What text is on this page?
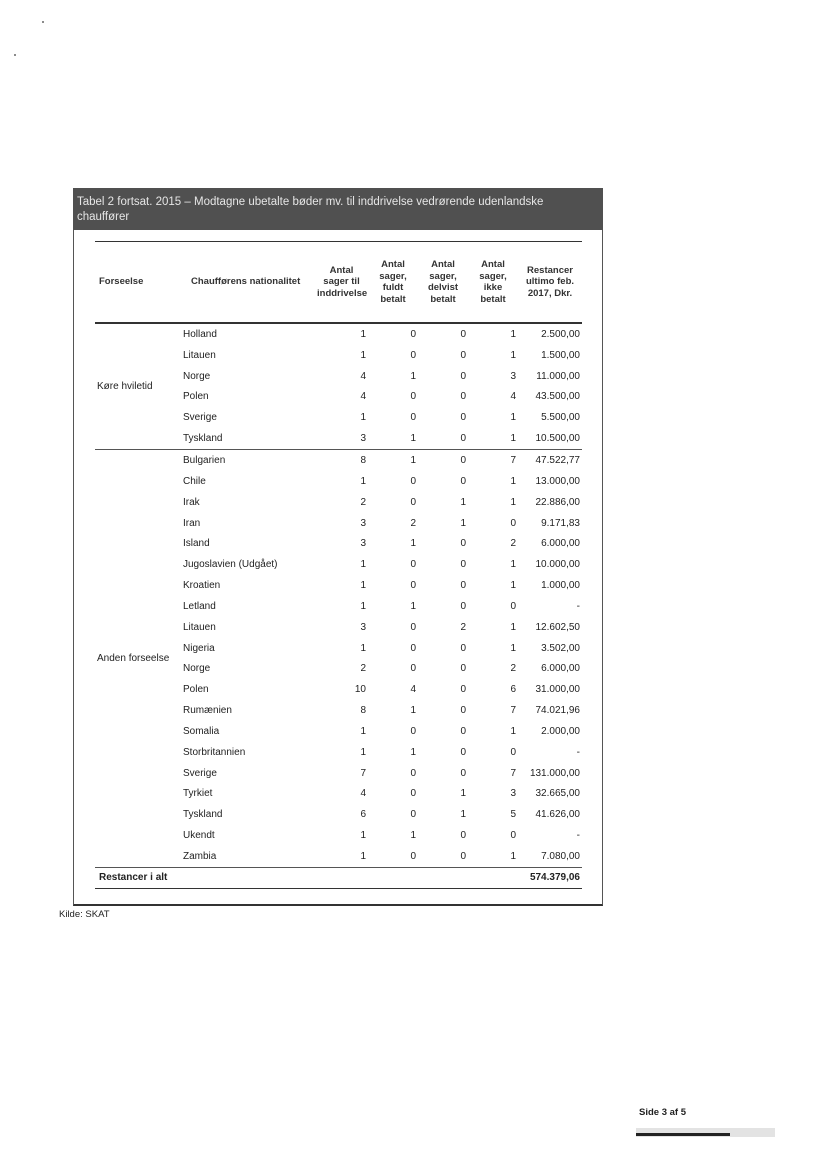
Tabel 2 fortsat. 2015 – Modtagne ubetalte bøder mv. til inddrivelse vedrørende udenlandske chauffører
Forseelse	Chaufførens nationalitet	Antal sager til inddrivelse	Antal sager, fuldt betalt	Antal sager, delvist betalt	Antal sager, ikke betalt	Restancer ultimo feb. 2017, Dkr.
Køre hviletid	Holland	1	0	0	1	2.500,00
	Litauen	1	0	0	1	1.500,00
	Norge	4	1	0	3	11.000,00
	Polen	4	0	0	4	43.500,00
	Sverige	1	0	0	1	5.500,00
	Tyskland	3	1	0	1	10.500,00
Anden forseelse	Bulgarien	8	1	0	7	47.522,77
	Chile	1	0	0	1	13.000,00
	Irak	2	0	1	1	22.886,00
	Iran	3	2	1	0	9.171,83
	Island	3	1	0	2	6.000,00
	Jugoslavien (Udgået)	1	0	0	1	10.000,00
	Kroatien	1	0	0	1	1.000,00
	Letland	1	1	0	0	-
	Litauen	3	0	2	1	12.602,50
	Nigeria	1	0	0	1	3.502,00
	Norge	2	0	0	2	6.000,00
	Polen	10	4	0	6	31.000,00
	Rumænien	8	1	0	7	74.021,96
	Somalia	1	0	0	1	2.000,00
	Storbritannien	1	1	0	0	-
	Sverige	7	0	0	7	131.000,00
	Tyrkiet	4	0	1	3	32.665,00
	Tyskland	6	0	1	5	41.626,00
	Ukendt	1	1	0	0	-
	Zambia	1	0	0	1	7.080,00
Restancer i alt						574.379,06
Kilde: SKAT
Side 3 af 5
